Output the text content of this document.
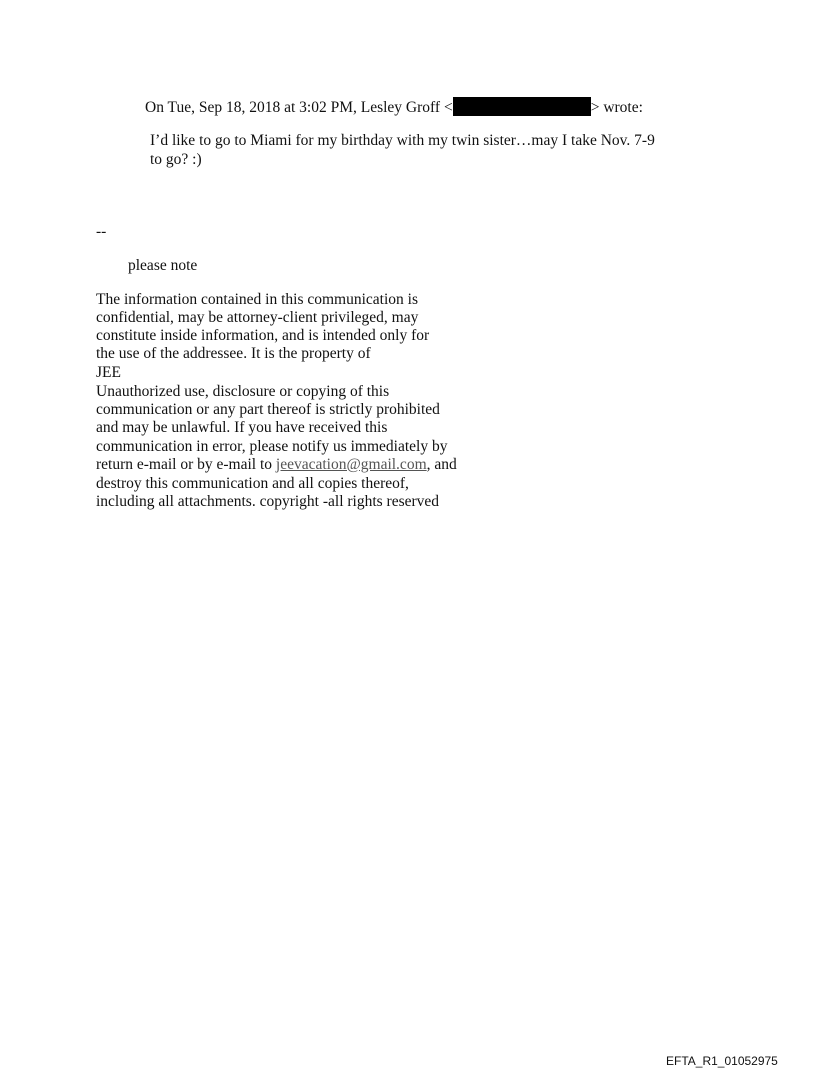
On Tue, Sep 18, 2018 at 3:02 PM, Lesley Groff <	> wrote:
I’d like to go to Miami for my birthday with my twin sister…may I take Nov. 7-9
to go? :)
--
please note
The information contained in this communication is
confidential, may be attorney-client privileged, may
constitute inside information, and is intended only for
the use of the addressee. It is the property of
JEE
Unauthorized use, disclosure or copying of this
communication or any part thereof is strictly prohibited
and may be unlawful. If you have received this
communication in error, please notify us immediately by
return e-mail or by e-mail to jeevacation@gmail.com, and
destroy this communication and all copies thereof,
including all attachments. copyright -all rights reserved
EFTA_R1_01052975
